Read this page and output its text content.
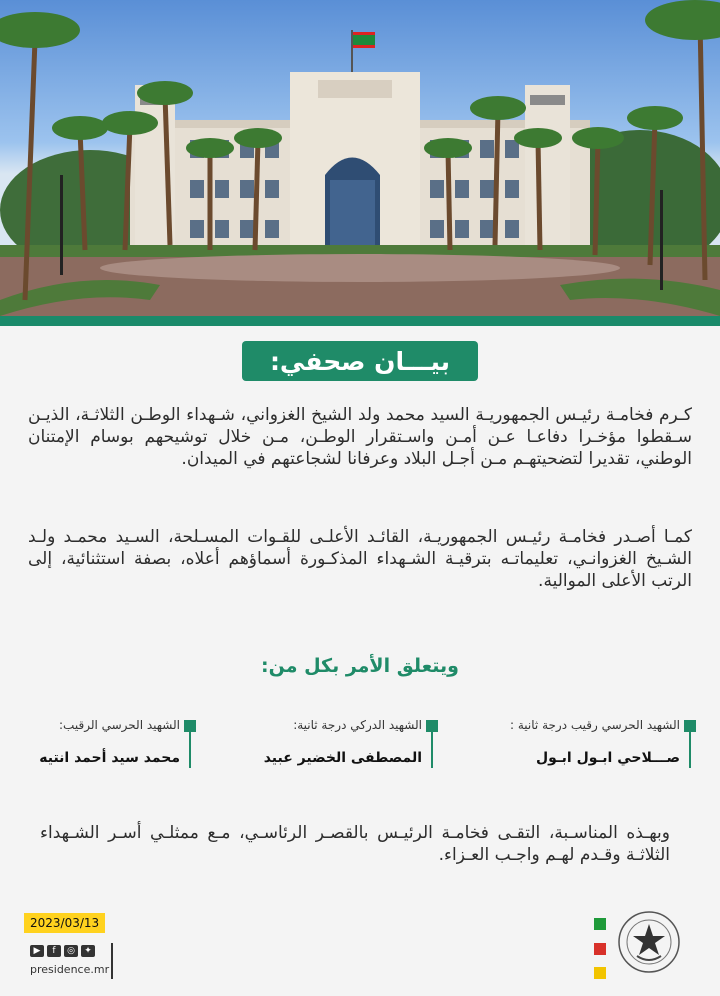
بيـــان صحفي:
كـرم فخامـة رئيـس الجمهوريـة السيد محمد ولد الشيخ الغزواني، شـهداء الوطـن الثلاثـة، الذيـن سـقطوا مؤخـرا دفاعـا عـن أمـن واسـتقرار الوطـن، مـن خلال توشيحهم بوسام الإمتنان الوطني، تقديرا لتضحيتهـم مـن أجـل البلاد وعرفانا لشجاعتهم في الميدان.
كمـا أصـدر فخامـة رئيـس الجمهوريـة، القائـد الأعلـى للقـوات المسـلحة، السـيد محمـد ولـد الشـيخ الغزوانـي، تعليماتـه بترقيـة الشـهداء المذكـورة أسماؤهم أعلاه، بصفة استثنائية، إلى الرتب الأعلى الموالية.
ويتعلق الأمر بكل من:
الشهيد الحرسي رقيب درجة ثانية :
صـــلاحي ابـول ابـول
الشهيد الدركي درجة ثانية:
المصطفى الخضير عبيد
الشهيد الحرسي الرقيب:
محمد سيد أحمد انتيه
وبهـذه المناسـبة، التقـى فخامـة الرئيـس بالقصـر الرئاسـي، مـع ممثلـي أسـر الشـهداء الثلاثـة وقـدم لهـم واجـب العـزاء.
2023/03/13
▶	f	◎	✦
presidence.mr
